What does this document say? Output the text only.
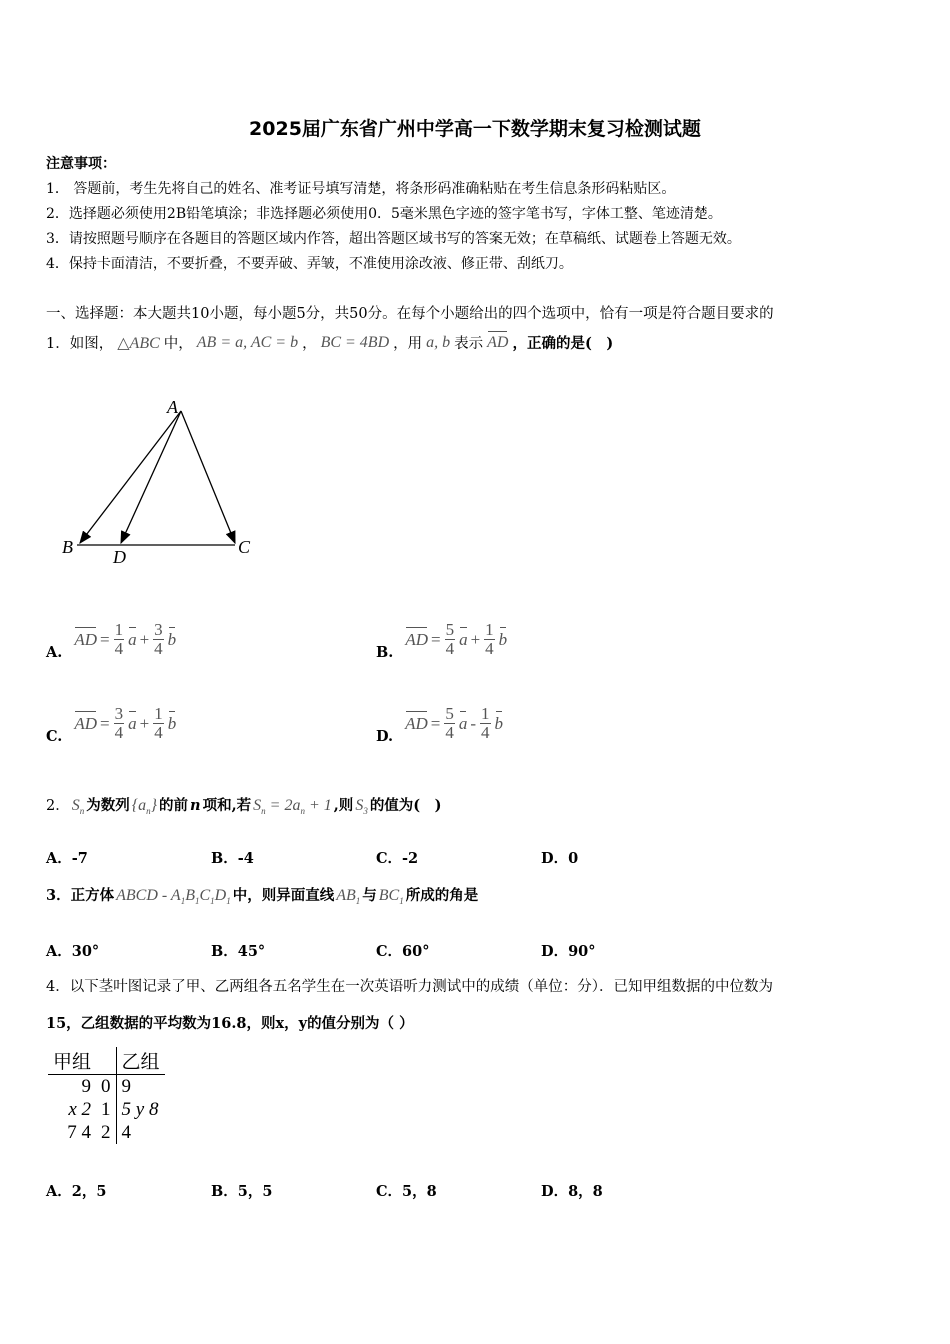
2025届广东省广州中学高一下数学期末复习检测试题
注意事项：
1． 答题前，考生先将自己的姓名、准考证号填写清楚，将条形码准确粘贴在考生信息条形码粘贴区。
2．选择题必须使用2B铅笔填涂；非选择题必须使用0．5毫米黑色字迹的签字笔书写，字体工整、笔迹清楚。
3．请按照题号顺序在各题目的答题区域内作答，超出答题区域书写的答案无效；在草稿纸、试题卷上答题无效。
4．保持卡面清洁，不要折叠，不要弄破、弄皱，不准使用涂改液、修正带、刮纸刀。
一、选择题：本大题共10小题，每小题5分，共50分。在每个小题给出的四个选项中，恰有一项是符合题目要求的
1．如图， △ABC 中， AB = a, AC = b ， BC = 4BD ，用 a, b 表示 AD ，正确的是(　)
A
B D	C
A.
AD = $\frac{1}{4}$ $a + \frac{3}{4}$ b
B.
AD = $\frac{5}{4}$ $a + \frac{1}{4}$ b
C.
AD = $\frac{3}{4}$ $a + \frac{1}{4}$ b
D.
AD = $\frac{5}{4}$ a - $\frac{1}{4}$ b
2． $S_n$ 为数列 $\{a_n\}$ 的前 n 项和,若 $S_n = 2a_n + 1$ ,则 $S_3$ 的值为(　)
A．-7	B．-4	C．-2	D．0
3．正方体 ABCD - $A_1B_1C_1D_1$ 中，则异面直线 $AB_1$ 与 $BC_1$ 所成的角是
A．30°	B．45°	C．60°	D．90°
4．以下茎叶图记录了甲、乙两组各五名学生在一次英语听力测试中的成绩（单位：分）．已知甲组数据的中位数为
15，乙组数据的平均数为16.8，则x，y的值分别为（ ）
甲组		乙组
9	0	9
x 2	1	5 y 8
7 4	2	4
A．2，5	B．5，5	C．5，8	D．8，8
